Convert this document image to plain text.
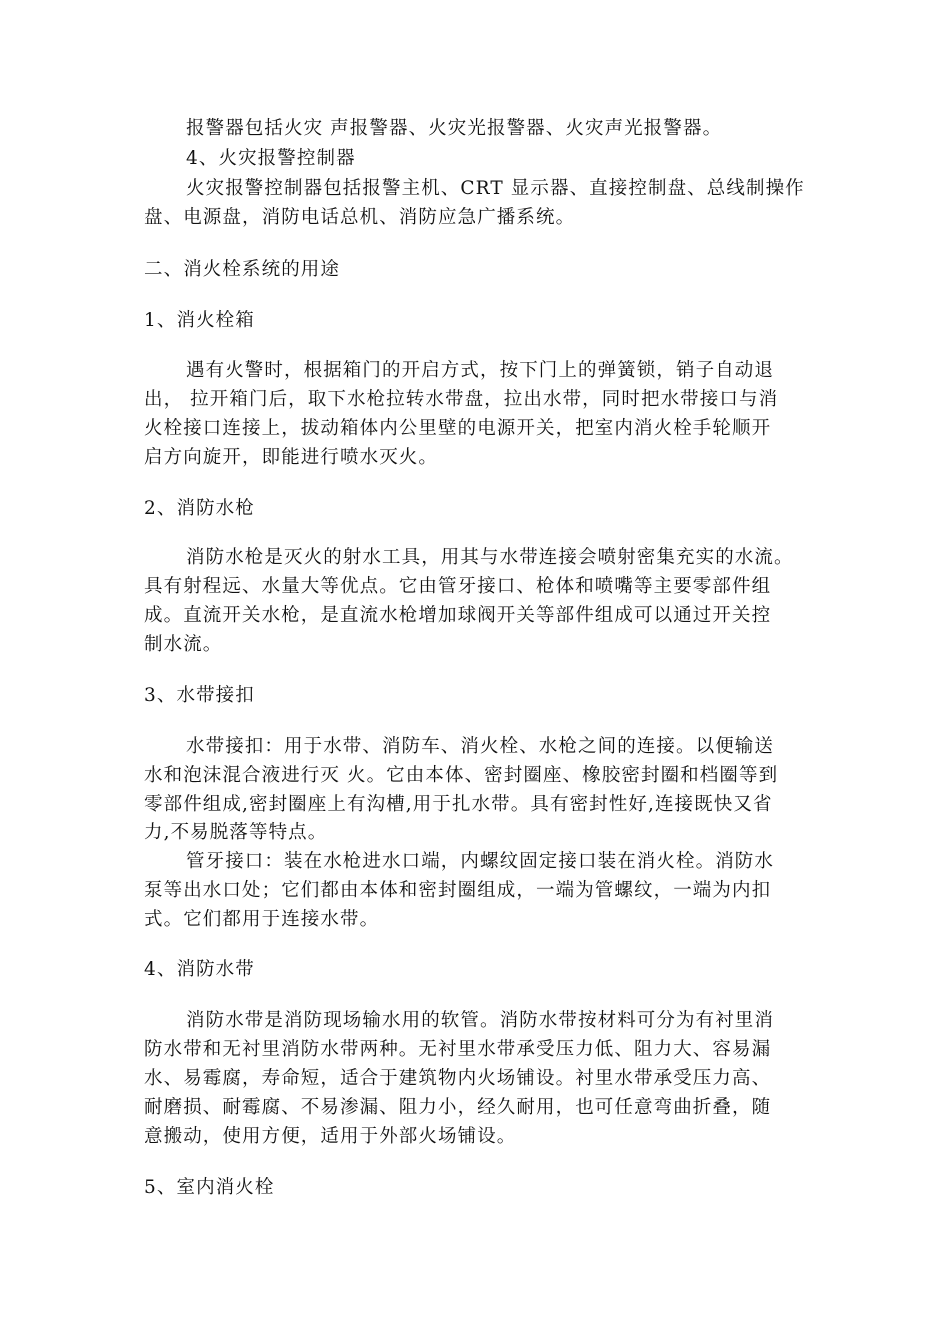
报警器包括火灾 声报警器、火灾光报警器、火灾声光报警器。
4、火灾报警控制器
火灾报警控制器包括报警主机、CRT 显示器、直接控制盘、总线制操作
盘、电源盘，消防电话总机、消防应急广播系统。
二、消火栓系统的用途
1、消火栓箱
遇有火警时，根据箱门的开启方式，按下门上的弹簧锁，销子自动退
出， 拉开箱门后，取下水枪拉转水带盘，拉出水带，同时把水带接口与消
火栓接口连接上，拔动箱体内公里壁的电源开关，把室内消火栓手轮顺开
启方向旋开，即能进行喷水灭火。
2、消防水枪
消防水枪是灭火的射水工具，用其与水带连接会喷射密集充实的水流。
具有射程远、水量大等优点。它由管牙接口、枪体和喷嘴等主要零部件组
成。直流开关水枪，是直流水枪增加球阀开关等部件组成可以通过开关控
制水流。
3、水带接扣
水带接扣：用于水带、消防车、消火栓、水枪之间的连接。以便输送
水和泡沫混合液进行灭 火。它由本体、密封圈座、橡胶密封圈和档圈等到
零部件组成,密封圈座上有沟槽,用于扎水带。具有密封性好,连接既快又省
力,不易脱落等特点。
管牙接口：装在水枪进水口端，内螺纹固定接口装在消火栓。消防水
泵等出水口处；它们都由本体和密封圈组成，一端为管螺纹，一端为内扣
式。它们都用于连接水带。
4、消防水带
消防水带是消防现场输水用的软管。消防水带按材料可分为有衬里消
防水带和无衬里消防水带两种。无衬里水带承受压力低、阻力大、容易漏
水、易霉腐，寿命短，适合于建筑物内火场铺设。衬里水带承受压力高、
耐磨损、耐霉腐、不易渗漏、阻力小，经久耐用，也可任意弯曲折叠，随
意搬动，使用方便，适用于外部火场铺设。
5、室内消火栓
